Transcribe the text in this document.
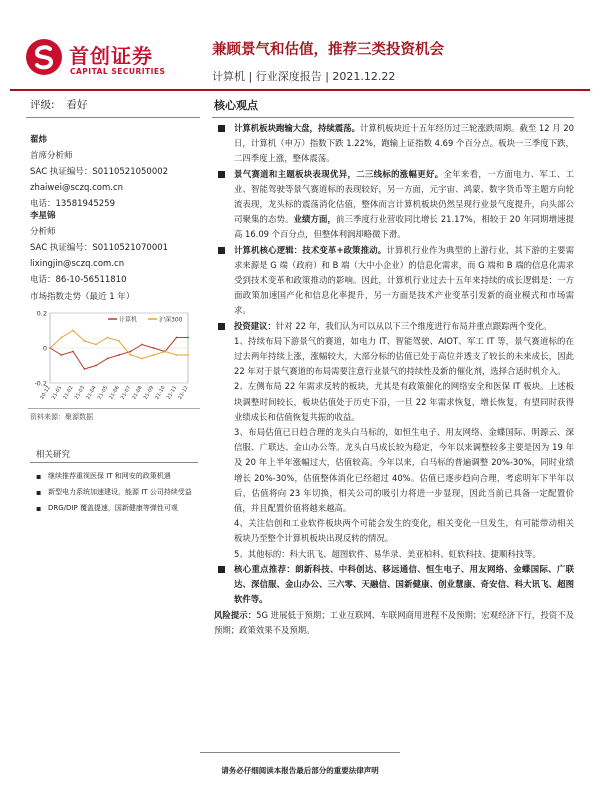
首创证券
CAPITAL SECURITIES
兼顾景气和估值，推荐三类投资机会
计算机 | 行业深度报告 | 2021.12.22
评级: 看好	核心观点
翟炜
首席分析师
SAC 执证编号：S0110521050002
zhaiwei@sczq.com.cn
电话：13581945259
李星锦
分析师
SAC 执证编号：S0110521070001
lixingjin@sczq.com.cn
电话：86-10-56511810
市场指数走势（最近 1 年）
0.2
0
-0.2
20-12 21-01 21-02 21-03 21-04 21-05 21-06 21-07 21-08 21-09 21-10 21-11 21-12
计算机	沪深300
资料来源：聚源数据
相关研究
▪ 继续推荐重视医保 IT 和网安的政策机遇
▪ 新型电力系统加速建设，能源 IT 公司持续受益
▪ DRG/DIP 覆盖提速，国新健康等弹性可观
计算机板块跑输大盘，持续震荡。计算机板块近十五年经历过三轮涨跌周期。截至 12 月 20 日，计算机（申万）指数下跌 1.22%，跑输上证指数 4.69 个百分点。板块一三季度下跌，二四季度上涨，整体震荡。
景气赛道和主题板块表现优异，二三线标的涨幅更好。全年来看，一方面电力、军工、工业、智能驾驶等景气赛道标的表现较好，另一方面，元宇宙、鸿蒙、数字货币等主题方向轮流表现，龙头标的震荡消化估值，整体而言计算机板块仍然呈现行业景气度提升，向头部公司聚集的态势。业绩方面，前三季度行业营收同比增长 21.17%，相较于 20 年同期增速提高 16.09 个百分点，但整体利润却略微下滑。
计算机核心逻辑：技术变革+政策推动。计算机行业作为典型的上游行业，其下游的主要需求来源是 G 端（政府）和 B 端（大中小企业）的信息化需求，而 G 端和 B 端的信息化需求受到技术变革和政策推动的影响。因此，计算机行业过去十五年来持续的成长逻辑是：一方面政策加速国产化和信息化率提升，另一方面是技术产业变革引发新的商业模式和市场需求。
投资建议：针对 22 年，我们认为可以从以下三个维度进行布局并重点跟踪两个变化。
1、持续布局下游景气的赛道，如电力 IT、智能驾驶、AIOT、军工 IT 等，景气赛道标的在过去两年持续上涨，涨幅较大，大部分标的估值已处于高位并透支了较长的未来成长，因此 22 年对于景气赛道的布局需要注意行业景气的持续性及新的催化剂，选择合适时机介入。
2、左侧布局 22 年需求反转的板块，尤其是有政策催化的网络安全和医保 IT 板块。上述板块调整时间较长，板块估值处于历史下沿，一旦 22 年需求恢复，增长恢复，有望同时获得业绩成长和估值恢复共振的收益。
3、布局估值已日趋合理的龙头白马标的，如恒生电子、用友网络、金蝶国际、明源云、深信服、广联达、金山办公等。龙头白马成长较为稳定，今年以来调整较多主要是因为 19 年及 20 年上半年涨幅过大，估值较高。今年以来，白马标的普遍调整 20%-30%，同时业绩增长 20%-30%，估值整体消化已经超过 40%。估值已逐步趋向合理，考虑明年下半年以后，估值将向 23 年切换，相关公司的吸引力将进一步显现，因此当前已具备一定配置价值，并且配置价值将越来越高。
4、关注信创和工业软件板块两个可能会发生的变化，相关变化一旦发生，有可能带动相关板块乃至整个计算机板块出现反转的情况。
5、其他标的：科大讯飞、超图软件、易华录、美亚柏科、虹软科技、捷顺科技等。
核心重点推荐：朗新科技、中科创达、移远通信、恒生电子、用友网络、金蝶国际、广联达、深信服、金山办公、三六零、天融信、国新健康、创业慧康、奇安信、科大讯飞、超图软件等。
风险提示：5G 进展低于预期；工业互联网、车联网商用进程不及预期；宏观经济下行，投资不及预期；政策效果不及预期。
请务必仔细阅读本报告最后部分的重要法律声明
